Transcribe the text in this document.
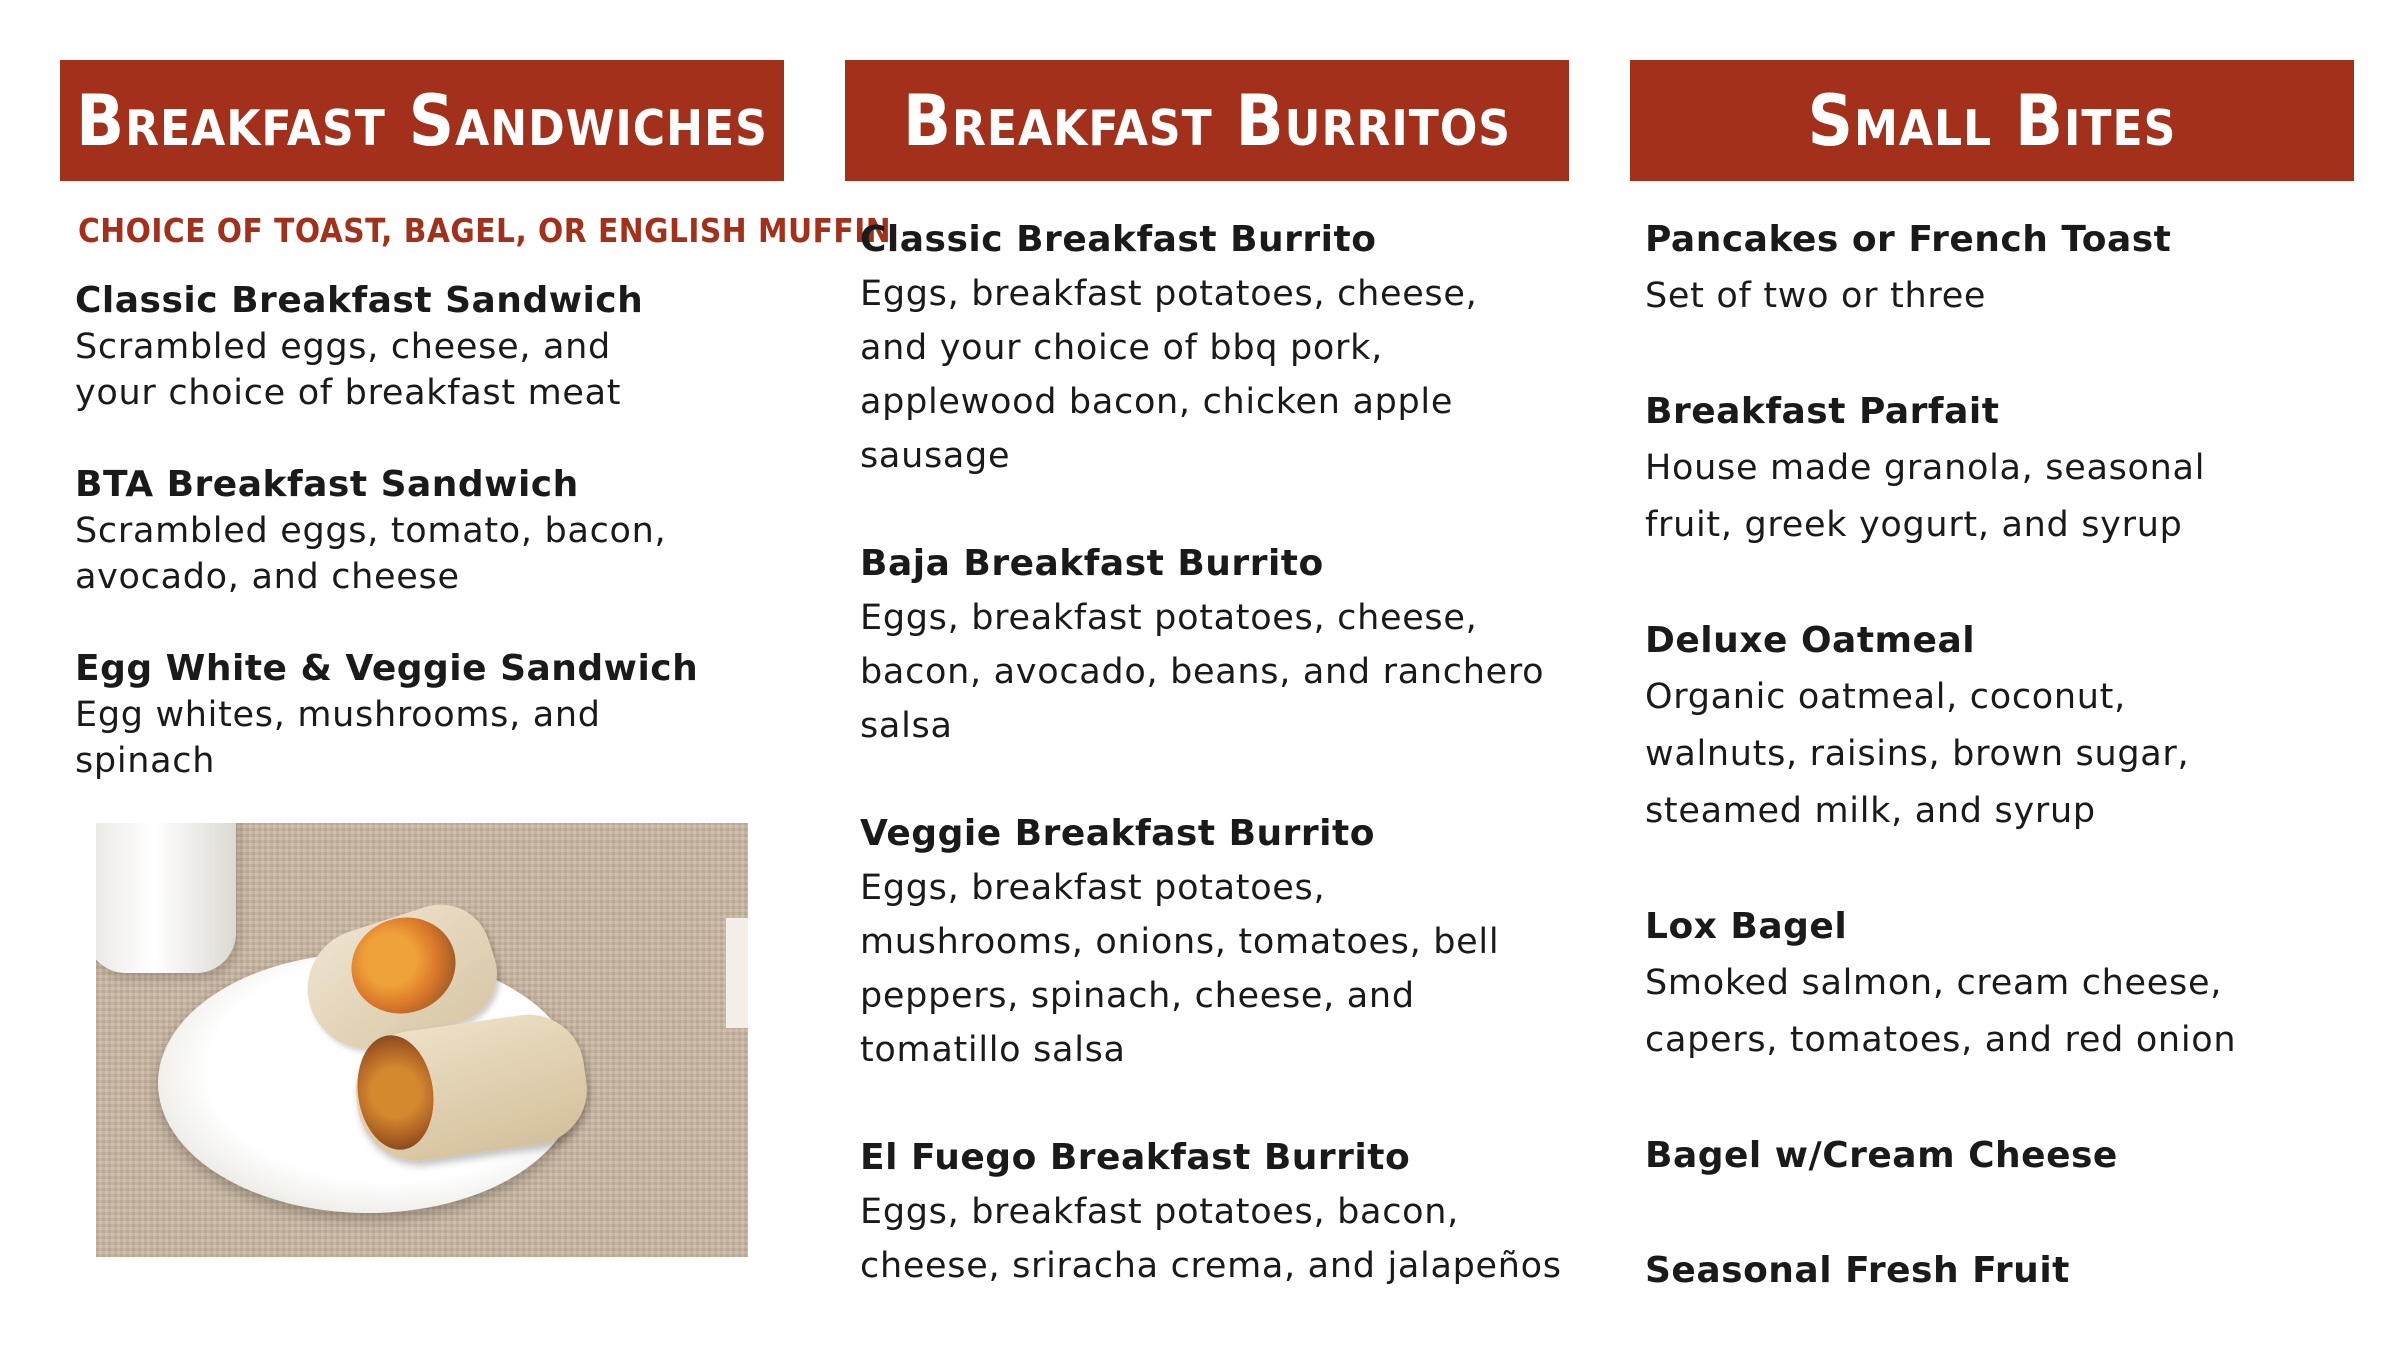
Breakfast Sandwiches
CHOICE OF TOAST, BAGEL, OR ENGLISH MUFFIN
Classic Breakfast Sandwich
Scrambled eggs, cheese, and your choice of breakfast meat
BTA Breakfast Sandwich
Scrambled eggs, tomato, bacon, avocado, and cheese
Egg White & Veggie Sandwich
Egg whites, mushrooms, and spinach
Breakfast Burritos
Classic Breakfast Burrito
Eggs, breakfast potatoes, cheese, and your choice of bbq pork, applewood bacon, chicken apple sausage
Baja Breakfast Burrito
Eggs, breakfast potatoes, cheese, bacon, avocado, beans, and ranchero salsa
Veggie Breakfast Burrito
Eggs, breakfast potatoes, mushrooms, onions, tomatoes, bell peppers, spinach, cheese, and tomatillo salsa
El Fuego Breakfast Burrito
Eggs, breakfast potatoes, bacon, cheese, sriracha crema, and jalapeños
Small Bites
Pancakes or French Toast
Set of two or three
Breakfast Parfait
House made granola, seasonal fruit, greek yogurt, and syrup
Deluxe Oatmeal
Organic oatmeal, coconut, walnuts, raisins, brown sugar, steamed milk, and syrup
Lox Bagel
Smoked salmon, cream cheese, capers, tomatoes, and red onion
Bagel w/Cream Cheese
Seasonal Fresh Fruit
